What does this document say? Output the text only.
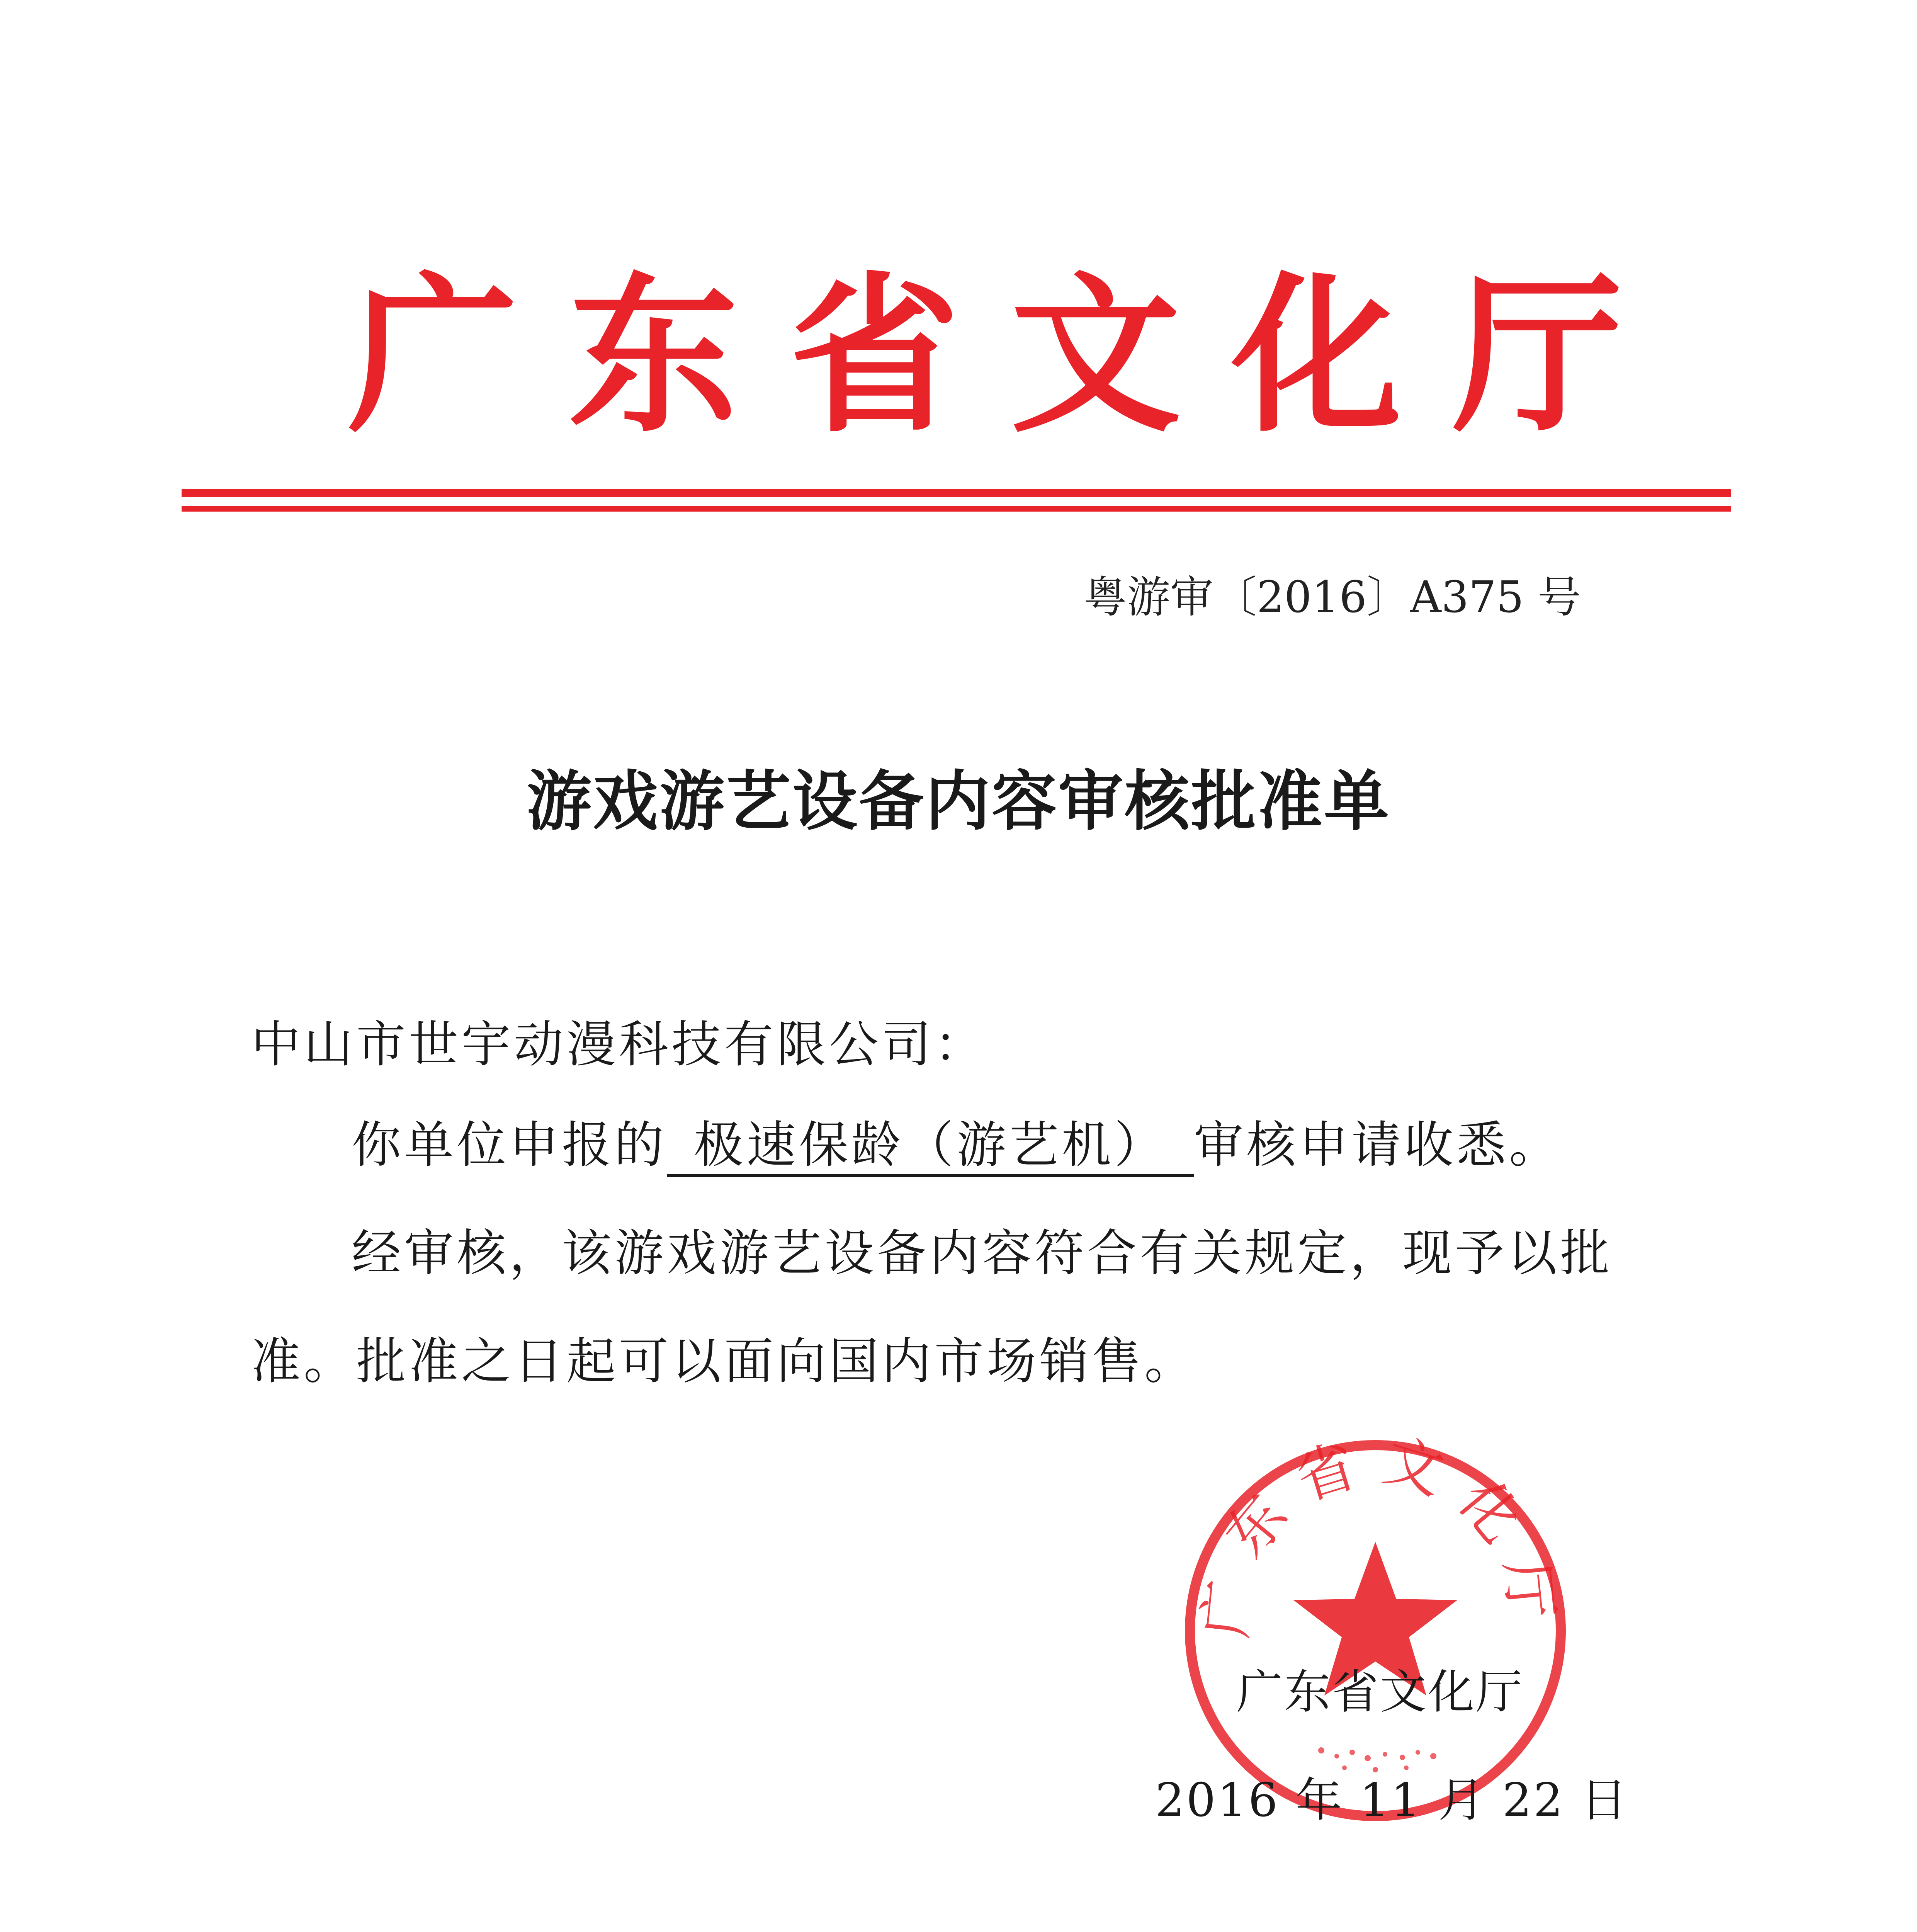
广 东 省 文 化 厅
粤游审〔2016〕A375 号
游戏游艺设备内容审核批准单
中山市世宇动漫科技有限公司：
你单位申报的 极速保龄（游艺机） 审核申请收悉。
经审核，该游戏游艺设备内容符合有关规定，现予以批
准。批准之日起可以面向国内市场销售。
广东省文化厅
广东省文化厅
2016 年 11 月 22 日
